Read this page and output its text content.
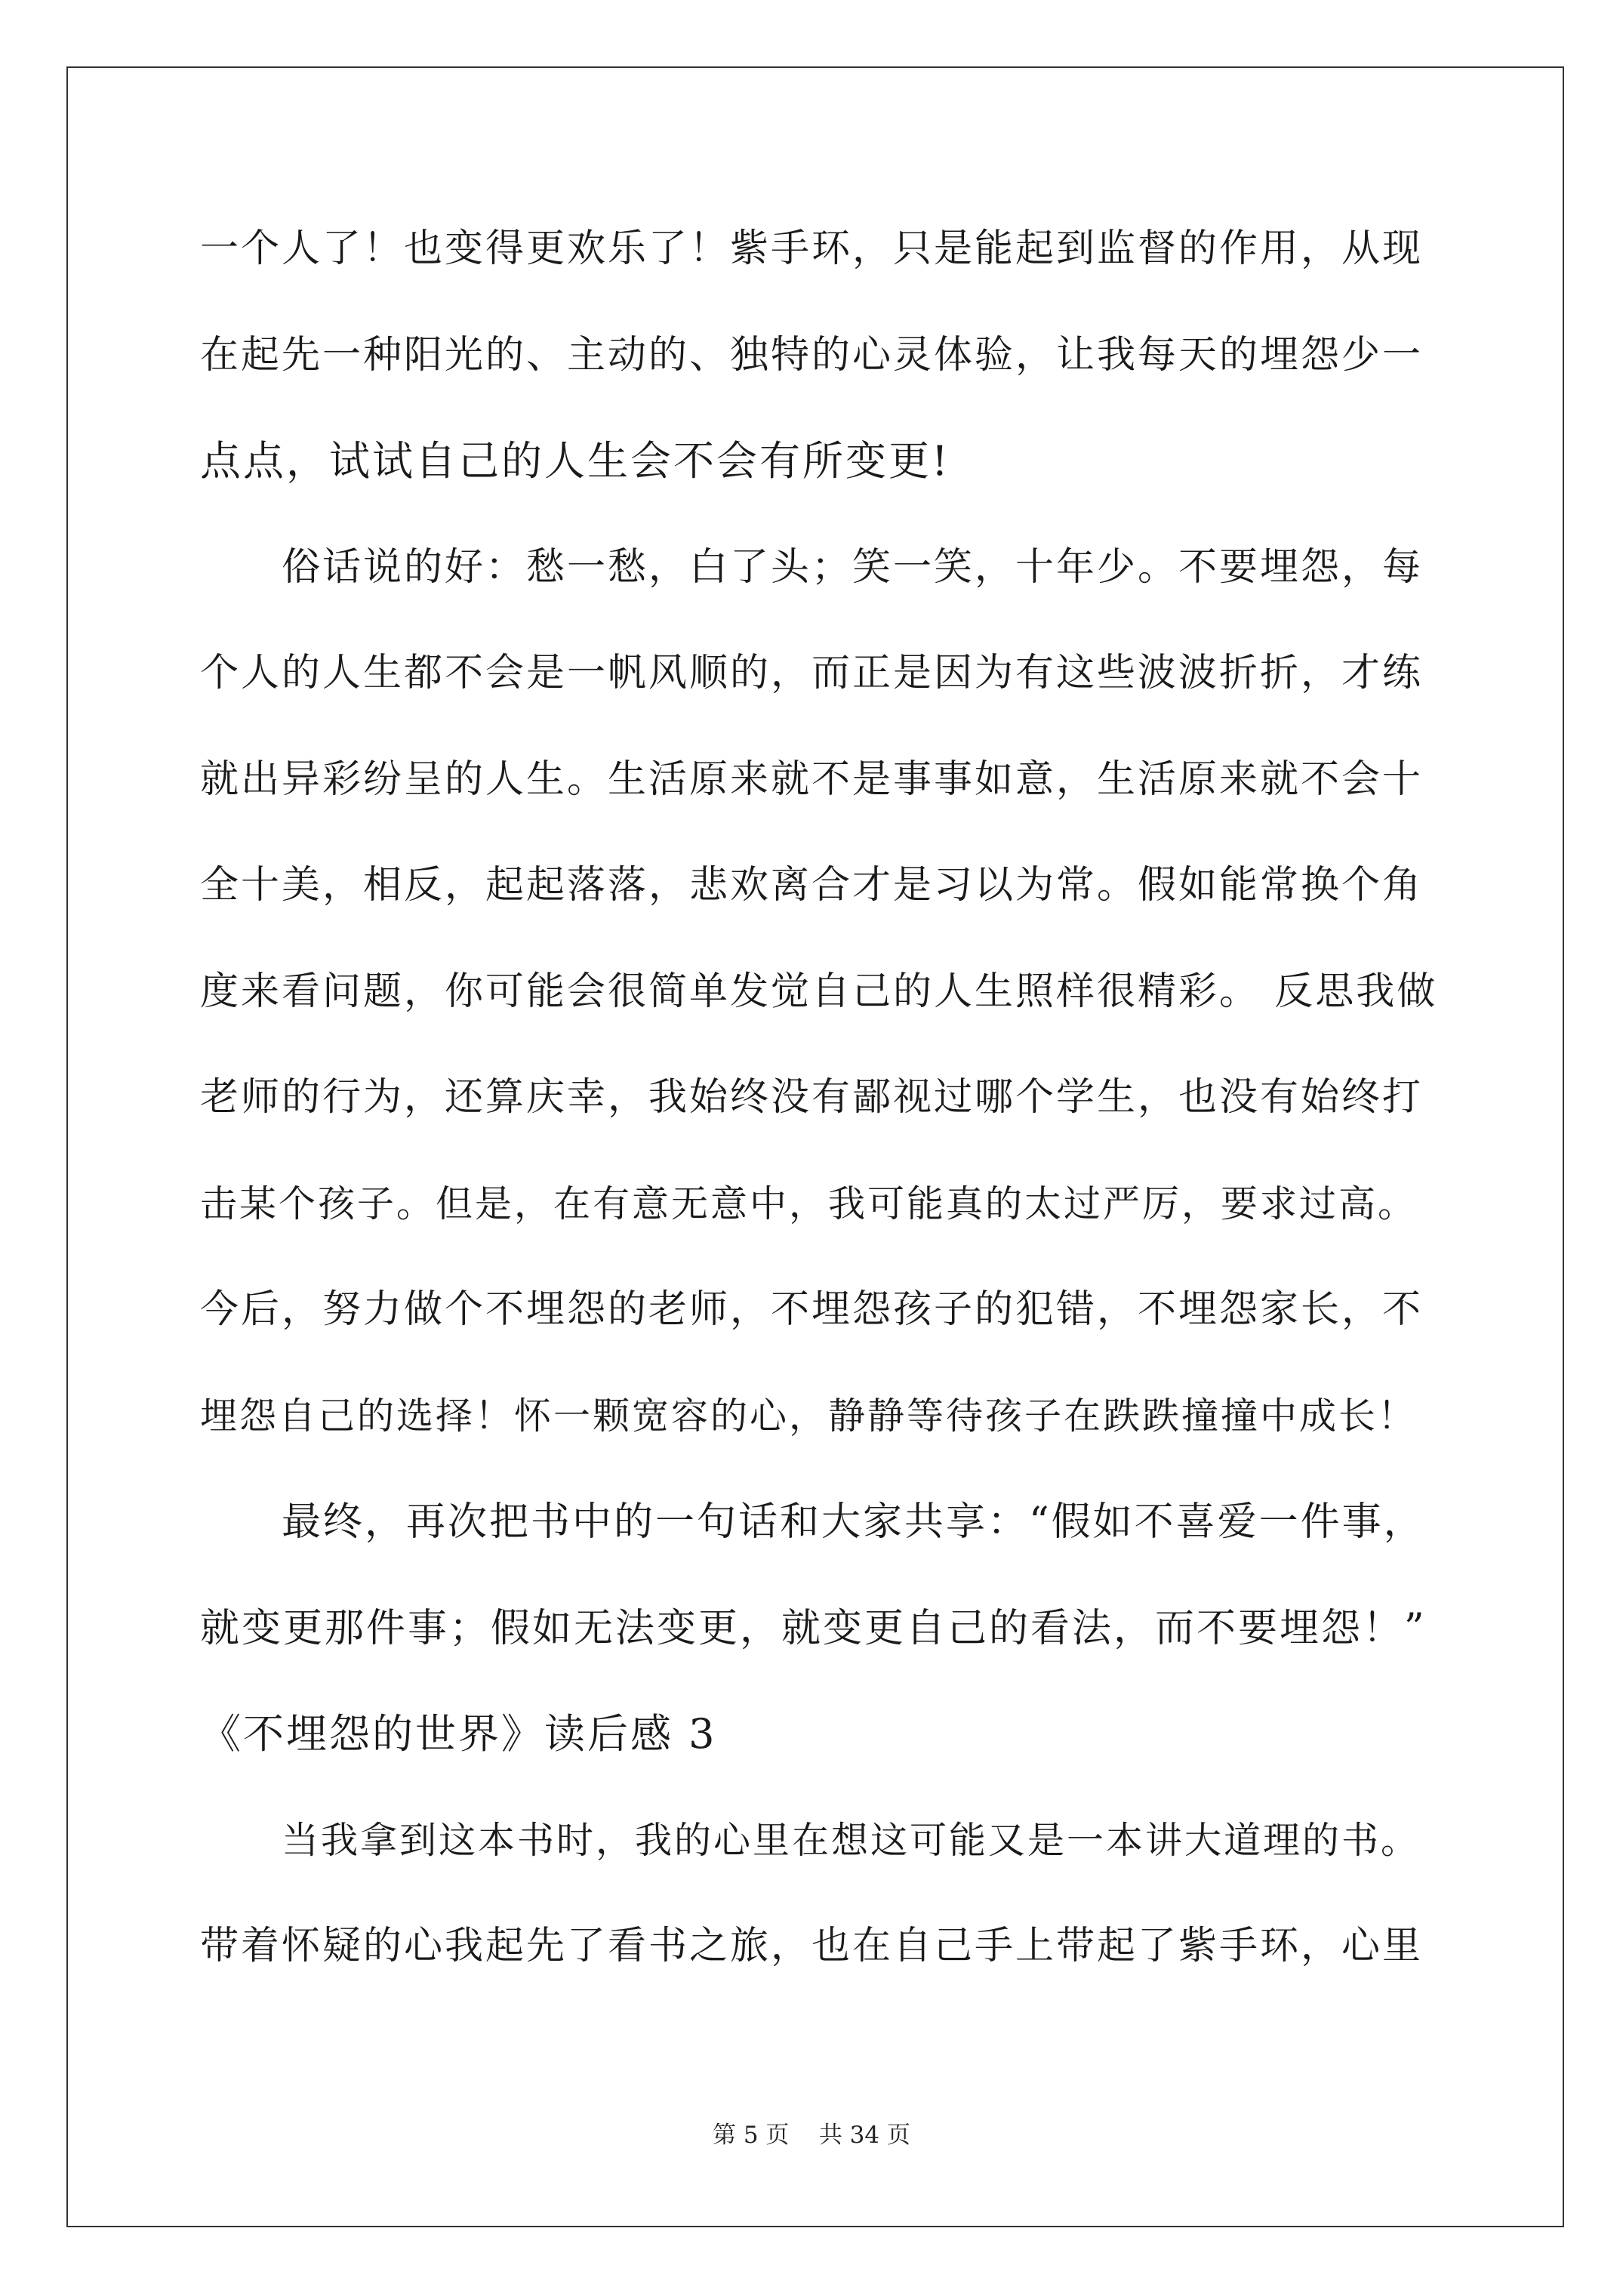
一个人了！也变得更欢乐了！紫手环，只是能起到监督的作用，从现
在起先一种阳光的、主动的、独特的心灵体验，让我每天的埋怨少一
点点，试试自己的人生会不会有所变更!
俗话说的好：愁一愁，白了头；笑一笑，十年少。不要埋怨，每
个人的人生都不会是一帆风顺的，而正是因为有这些波波折折，才练
就出异彩纷呈的人生。生活原来就不是事事如意，生活原来就不会十
全十美，相反，起起落落，悲欢离合才是习以为常。假如能常换个角
度来看问题，你可能会很简单发觉自己的人生照样很精彩。 反思我做
老师的行为，还算庆幸，我始终没有鄙视过哪个学生，也没有始终打
击某个孩子。但是，在有意无意中，我可能真的太过严厉，要求过高。
今后，努力做个不埋怨的老师，不埋怨孩子的犯错，不埋怨家长，不
埋怨自己的选择！怀一颗宽容的心，静静等待孩子在跌跌撞撞中成长！
最终，再次把书中的一句话和大家共享：“假如不喜爱一件事，
就变更那件事；假如无法变更，就变更自己的看法，而不要埋怨！”
《不埋怨的世界》读后感 3
当我拿到这本书时，我的心里在想这可能又是一本讲大道理的书。
带着怀疑的心我起先了看书之旅，也在自己手上带起了紫手环，心里
第 5 页    共 34 页
